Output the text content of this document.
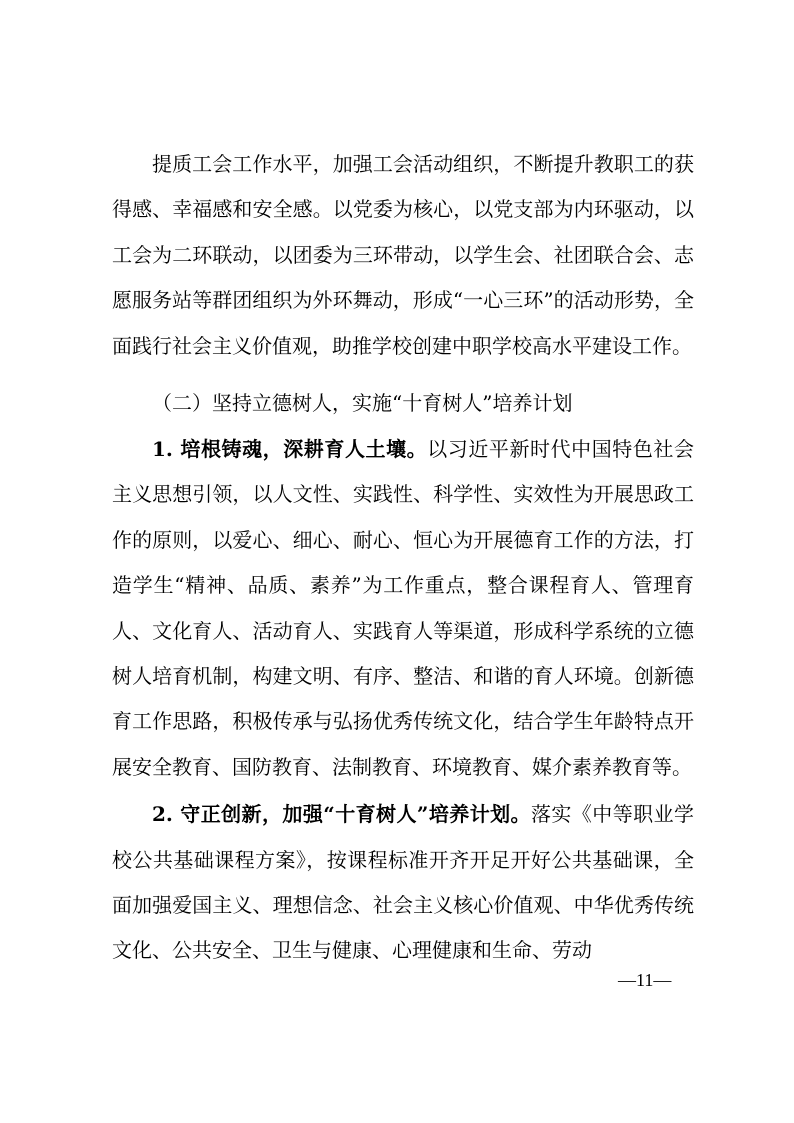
提质工会工作水平，加强工会活动组织，不断提升教职工的获得感、幸福感和安全感。以党委为核心，以党支部为内环驱动，以工会为二环联动，以团委为三环带动，以学生会、社团联合会、志愿服务站等群团组织为外环舞动，形成“一心三环”的活动形势，全面践行社会主义价值观，助推学校创建中职学校高水平建设工作。

（二）坚持立德树人，实施“十育树人”培养计划

1. 培根铸魂，深耕育人土壤。以习近平新时代中国特色社会主义思想引领，以人文性、实践性、科学性、实效性为开展思政工作的原则，以爱心、细心、耐心、恒心为开展德育工作的方法，打造学生“精神、品质、素养”为工作重点，整合课程育人、管理育人、文化育人、活动育人、实践育人等渠道，形成科学系统的立德树人培育机制，构建文明、有序、整洁、和谐的育人环境。创新德育工作思路，积极传承与弘扬优秀传统文化，结合学生年龄特点开展安全教育、国防教育、法制教育、环境教育、媒介素养教育等。

2. 守正创新，加强“十育树人”培养计划。落实《中等职业学校公共基础课程方案》，按课程标准开齐开足开好公共基础课，全面加强爱国主义、理想信念、社会主义核心价值观、中华优秀传统文化、公共安全、卫生与健康、心理健康和生命、劳动

—11—
